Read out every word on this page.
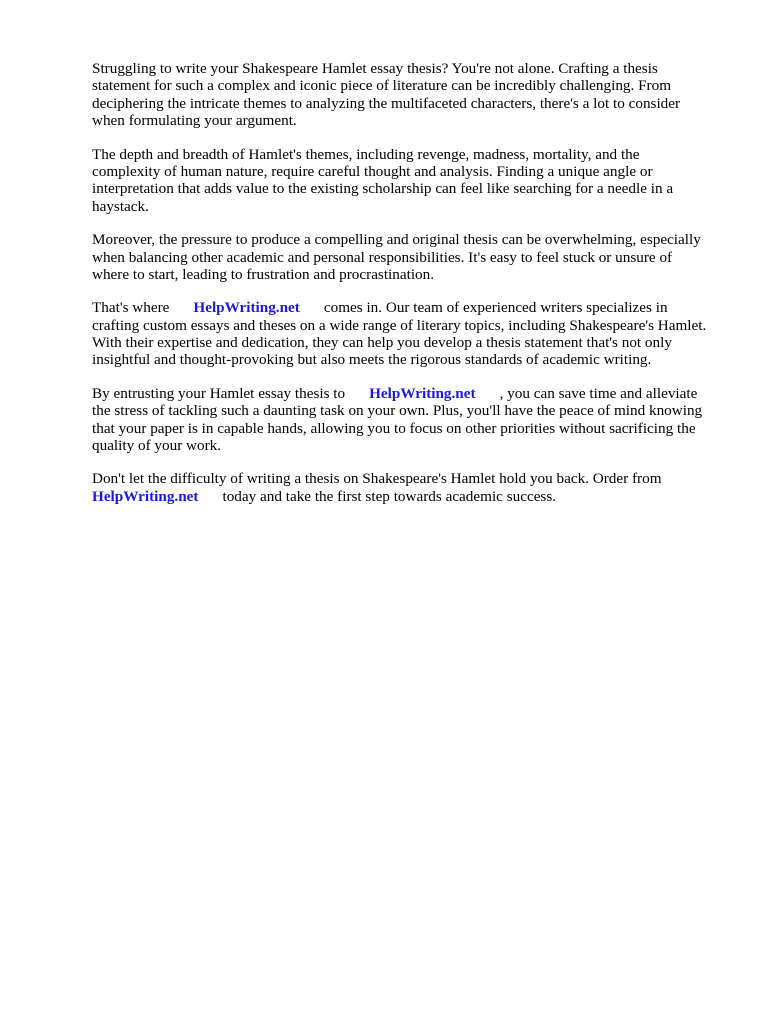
Struggling to write your Shakespeare Hamlet essay thesis? You're not alone. Crafting a thesis
statement for such a complex and iconic piece of literature can be incredibly challenging. From
deciphering the intricate themes to analyzing the multifaceted characters, there's a lot to consider
when formulating your argument.

The depth and breadth of Hamlet's themes, including revenge, madness, mortality, and the
complexity of human nature, require careful thought and analysis. Finding a unique angle or
interpretation that adds value to the existing scholarship can feel like searching for a needle in a
haystack.

Moreover, the pressure to produce a compelling and original thesis can be overwhelming, especially
when balancing other academic and personal responsibilities. It's easy to feel stuck or unsure of
where to start, leading to frustration and procrastination.

That's where HelpWriting.net comes in. Our team of experienced writers specializes in
crafting custom essays and theses on a wide range of literary topics, including Shakespeare's Hamlet.
With their expertise and dedication, they can help you develop a thesis statement that's not only
insightful and thought-provoking but also meets the rigorous standards of academic writing.

By entrusting your Hamlet essay thesis to HelpWriting.net , you can save time and alleviate
the stress of tackling such a daunting task on your own. Plus, you'll have the peace of mind knowing
that your paper is in capable hands, allowing you to focus on other priorities without sacrificing the
quality of your work.

Don't let the difficulty of writing a thesis on Shakespeare's Hamlet hold you back. Order from
HelpWriting.net today and take the first step towards academic success.
